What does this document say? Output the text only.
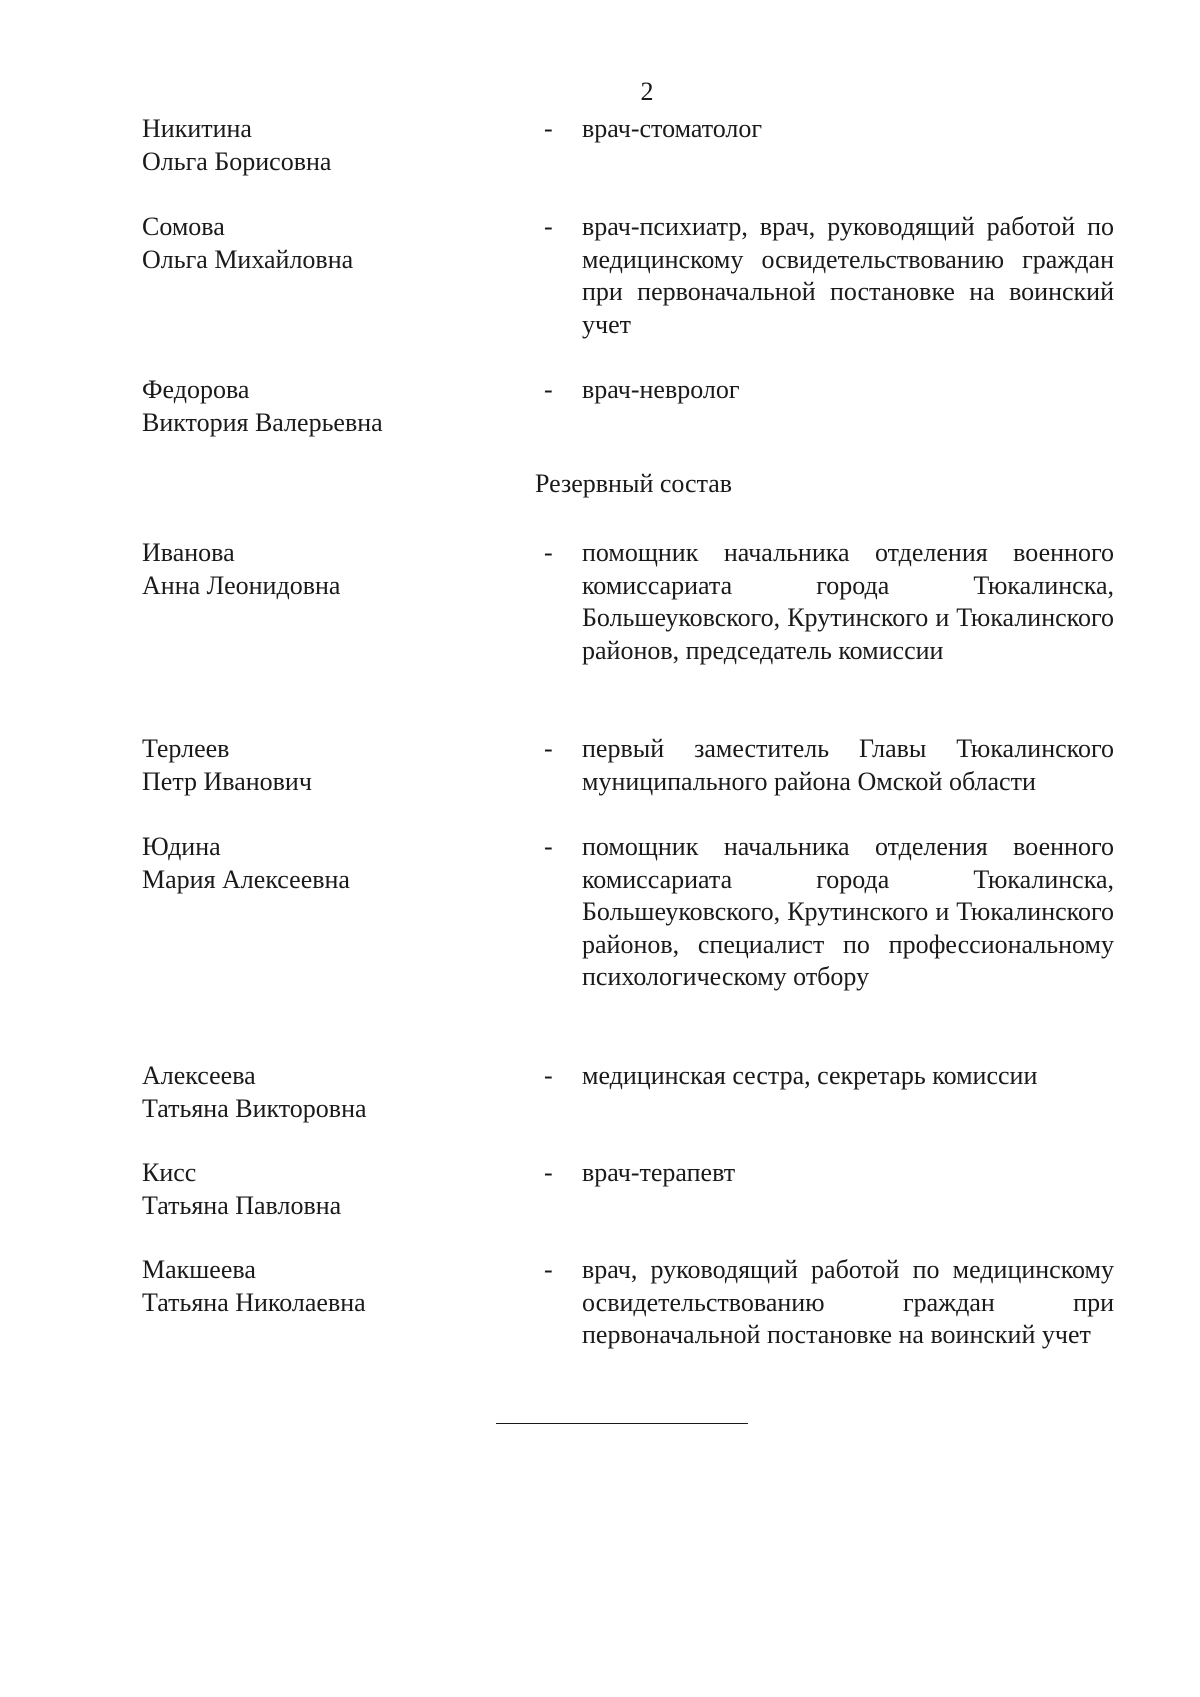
2
Никитина
Ольга Борисовна
- врач-стоматолог
Сомова
Ольга Михайловна
- врач-психиатр, врач, руководящий работой по медицинскому освидетельствованию граждан при первоначальной постановке на воинский учет
Федорова
Виктория Валерьевна
- врач-невролог
Резервный состав
Иванова
Анна Леонидовна
- помощник начальника отделения военного комиссариата города Тюкалинска, Большеуковского, Крутинского и Тюкалинского районов, председатель комиссии
Терлеев
Петр Иванович
- первый заместитель Главы Тюкалинского муниципального района Омской области
Юдина
Мария Алексеевна
- помощник начальника отделения военного комиссариата города Тюкалинска, Большеуковского, Крутинского и Тюкалинского районов, специалист по профессиональному психологическому отбору
Алексеева
Татьяна Викторовна
- медицинская сестра, секретарь комиссии
Кисс
Татьяна Павловна
- врач-терапевт
Макшеева
Татьяна Николаевна
- врач, руководящий работой по медицинскому освидетельствованию граждан при первоначальной постановке на воинский учет
